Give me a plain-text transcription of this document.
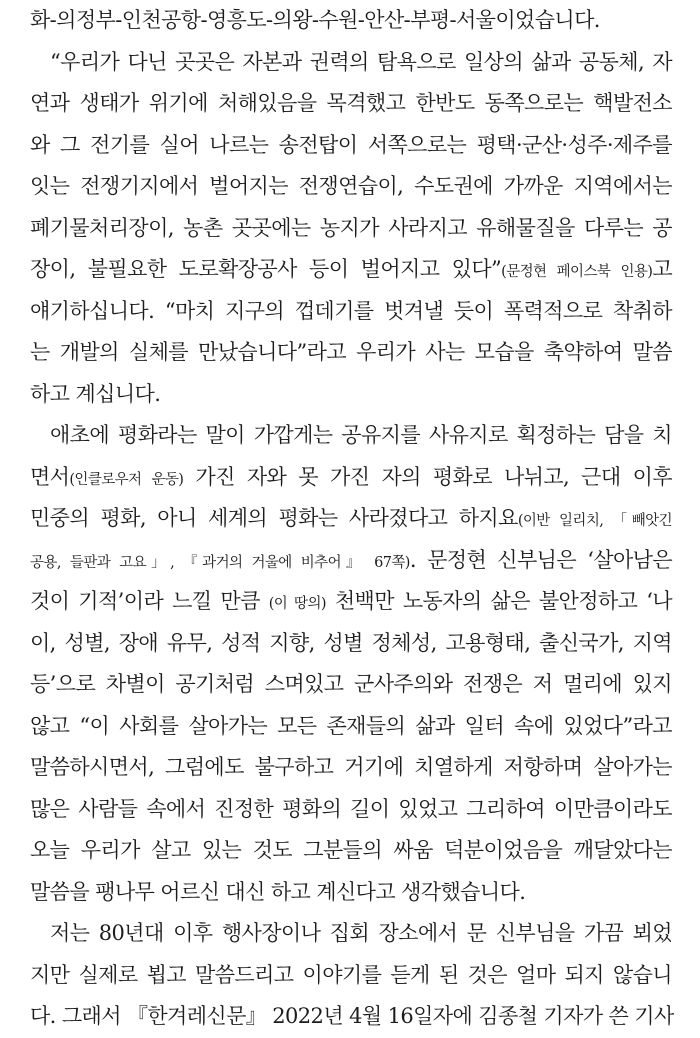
화-의정부-인천공항-영흥도-의왕-수원-안산-부평-서울이었습니다.
“우리가 다닌 곳곳은 자본과 권력의 탐욕으로 일상의 삶과 공동체, 자
연과 생태가 위기에 처해있음을 목격했고 한반도 동쪽으로는 핵발전소
와 그 전기를 실어 나르는 송전탑이 서쪽으로는 평택·군산·성주·제주를
잇는 전쟁기지에서 벌어지는 전쟁연습이, 수도권에 가까운 지역에서는
폐기물처리장이, 농촌 곳곳에는 농지가 사라지고 유해물질을 다루는 공
장이, 불필요한 도로확장공사 등이 벌어지고 있다”(문정현 페이스북 인용)고
얘기하십니다. “마치 지구의 껍데기를 벗겨낼 듯이 폭력적으로 착취하
는 개발의 실체를 만났습니다”라고 우리가 사는 모습을 축약하여 말씀
하고 계십니다.
애초에 평화라는 말이 가깝게는 공유지를 사유지로 획정하는 담을 치
면서(인클로우저 운동) 가진 자와 못 가진 자의 평화로 나뉘고, 근대 이후
민중의 평화, 아니 세계의 평화는 사라졌다고 하지요(이반 일리치, 「빼앗긴
공용, 들판과 고요」, 『과거의 거울에 비추어』 67쪽). 문정현 신부님은 ‘살아남은
것이 기적’이라 느낄 만큼 (이 땅의) 천백만 노동자의 삶은 불안정하고 ‘나
이, 성별, 장애 유무, 성적 지향, 성별 정체성, 고용형태, 출신국가, 지역
등’으로 차별이 공기처럼 스며있고 군사주의와 전쟁은 저 멀리에 있지
않고 “이 사회를 살아가는 모든 존재들의 삶과 일터 속에 있었다”라고
말씀하시면서, 그럼에도 불구하고 거기에 치열하게 저항하며 살아가는
많은 사람들 속에서 진정한 평화의 길이 있었고 그리하여 이만큼이라도
오늘 우리가 살고 있는 것도 그분들의 싸움 덕분이었음을 깨달았다는
말씀을 팽나무 어르신 대신 하고 계신다고 생각했습니다.
저는 80년대 이후 행사장이나 집회 장소에서 문 신부님을 가끔 뵈었
지만 실제로 뵙고 말씀드리고 이야기를 듣게 된 것은 얼마 되지 않습니
다. 그래서 『한겨레신문』 2022년 4월 16일자에 김종철 기자가 쓴 기사
